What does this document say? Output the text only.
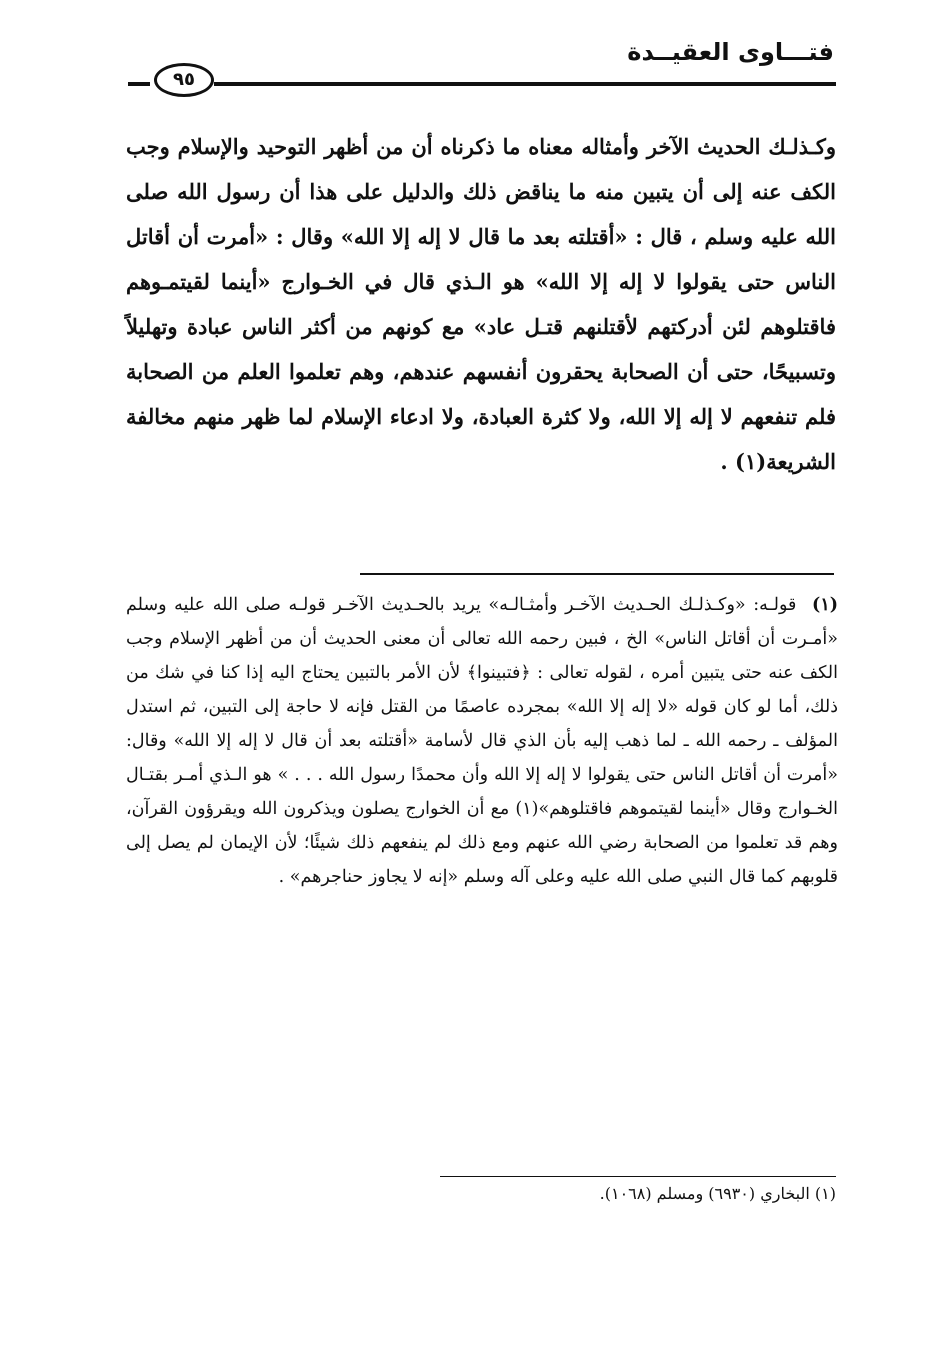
فتـــاوى العقيــدة
٩٥
وكـذلـك الحديث الآخر وأمثاله معناه ما ذكرناه أن من أظهر التوحيد والإسلام وجب الكف عنه إلى أن يتبين منه ما يناقض ذلك والدليل على هذا أن رسول الله صلى الله عليه وسلم ، قال : «أقتلته بعد ما قال لا إله إلا الله» وقال : «أمرت أن أقاتل الناس حتى يقولوا لا إله إلا الله» هو الـذي قال في الخـوارج «أينما لقيتمـوهم فاقتلوهم لئن أدركتهم لأقتلنهم قتـل عاد» مع كونهم من أكثر الناس عبادة وتهليلاً وتسبيحًا، حتى أن الصحابة يحقرون أنفسهم عندهم، وهم تعلموا العلم من الصحابة فلم تنفعهم لا إله إلا الله، ولا كثرة العبادة، ولا ادعاء الإسلام لما ظهر منهم مخالفة الشريعة(١) .
(١) قولـه: «وكـذلـك الحـديث الآخـر وأمثـالـه» يريد بالحـديث الآخـر قولـه صلى الله عليه وسلم «أمـرت أن أقاتل الناس» الخ ، فبين رحمه الله تعالى أن معنى الحديث أن من أظهر الإسلام وجب الكف عنه حتى يتبين أمره ، لقوله تعالى : ﴿فتبينوا﴾ لأن الأمر بالتبين يحتاج اليه إذا كنا في شك من ذلك، أما لو كان قوله «لا إله إلا الله» بمجرده عاصمًا من القتل فإنه لا حاجة إلى التبين، ثم استدل المؤلف ـ رحمه الله ـ لما ذهب إليه بأن الذي قال لأسامة «أقتلته بعد أن قال لا إله إلا الله» وقال: «أمرت أن أقاتل الناس حتى يقولوا لا إله إلا الله وأن محمدًا رسول الله . . . » هو الـذي أمـر بقتـال الخـوارج وقال «أينما لقيتموهم فاقتلوهم»(١) مع أن الخوارج يصلون ويذكرون الله ويقرؤون القرآن، وهم قد تعلموا من الصحابة رضي الله عنهم ومع ذلك لم ينفعهم ذلك شيئًا؛ لأن الإيمان لم يصل إلى قلوبهم كما قال النبي صلى الله عليه وعلى آله وسلم «إنه لا يجاوز حناجرهم» .
(١) البخاري (٦٩٣٠) ومسلم (١٠٦٨).
